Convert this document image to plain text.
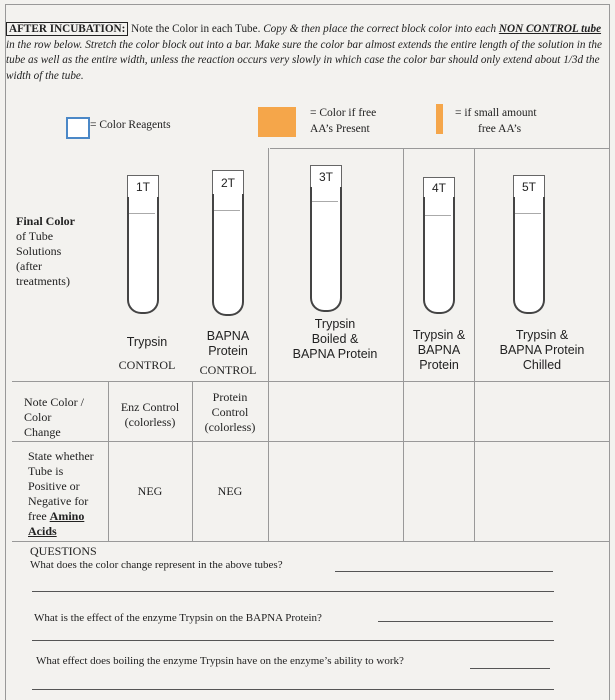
AFTER INCUBATION: Note the Color in each Tube. Copy & then place the correct block color into each NON CONTROL tube in the row below. Stretch the color block out into a bar. Make sure the color bar almost extends the entire length of the solution in the tube as well as the entire width, unless the reaction occurs very slowly in which case the color bar should only extend about 1/3d the width of the tube.
= Color Reagents
= Color if free
AA’s Present
= if small amount
free AA’s
Final Color
of Tube
Solutions
(after
treatments)
Note Color /
Color
Change
State whether
Tube is
Positive or
Negative for
free Amino
Acids
1T
Trypsin
CONTROL
2T
BAPNA
Protein
CONTROL
3T
Trypsin
Boiled &
BAPNA Protein
4T
Trypsin &
BAPNA
Protein
5T
Trypsin &
BAPNA Protein
Chilled
Enz Control
(colorless)
Protein
Control
(colorless)
NEG	NEG
QUESTIONS
What does the color change represent in the above tubes?
What is the effect of the enzyme Trypsin on the BAPNA Protein?
What effect does boiling the enzyme Trypsin have on the enzyme’s ability to work?
